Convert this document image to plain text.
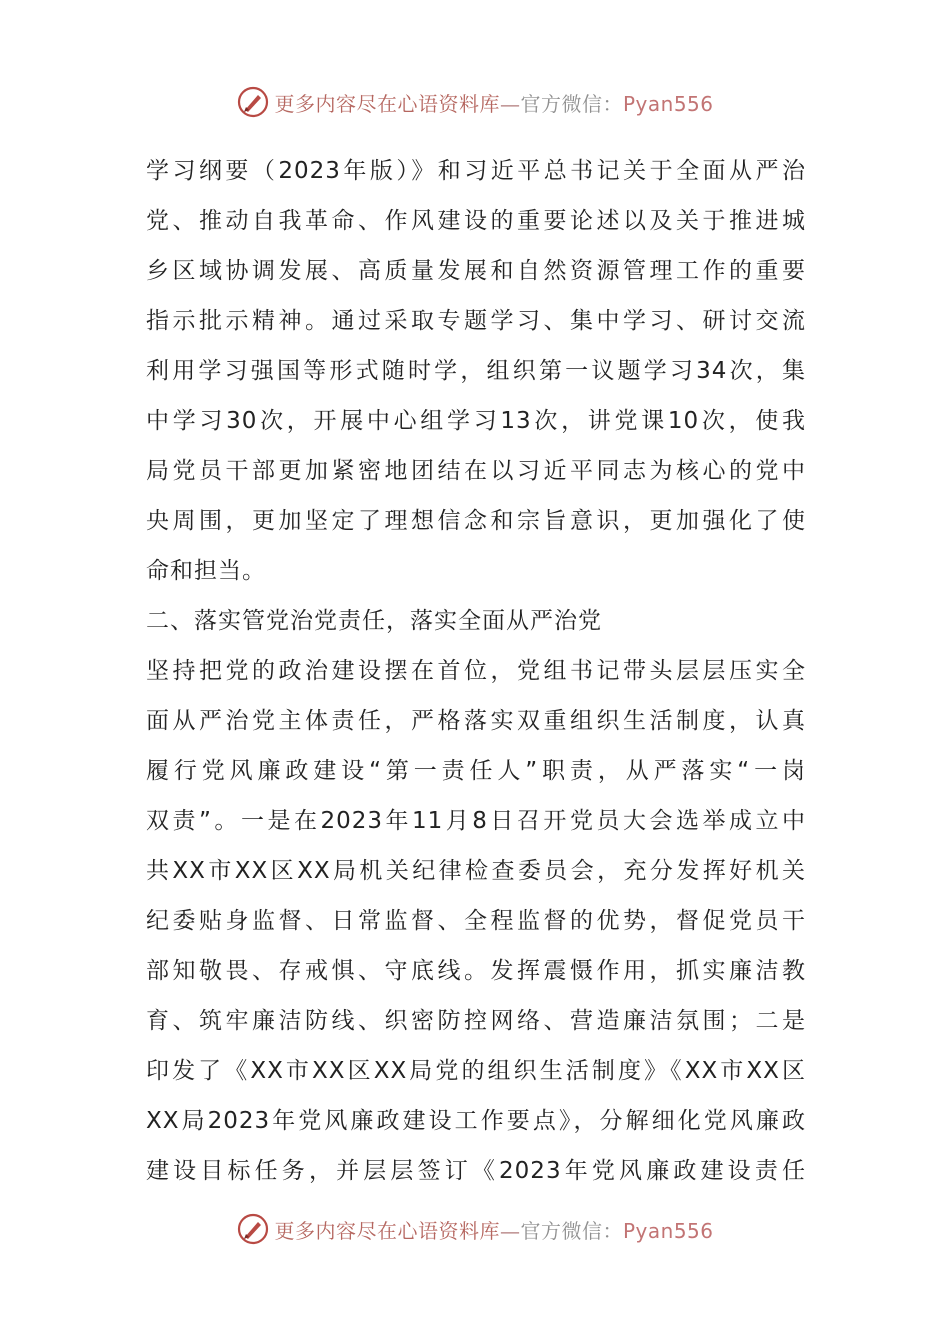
更多内容尽在心语资料库—官方微信：Pyan556
学习纲要（2023年版）》和习近平总书记关于全面从严治
党、推动自我革命、作风建设的重要论述以及关于推进城
乡区域协调发展、高质量发展和自然资源管理工作的重要
指示批示精神。通过采取专题学习、集中学习、研讨交流
利用学习强国等形式随时学，组织第一议题学习34次，集
中学习30次，开展中心组学习13次，讲党课10次，使我
局党员干部更加紧密地团结在以习近平同志为核心的党中
央周围，更加坚定了理想信念和宗旨意识，更加强化了使
命和担当。
二、落实管党治党责任，落实全面从严治党
坚持把党的政治建设摆在首位，党组书记带头层层压实全
面从严治党主体责任，严格落实双重组织生活制度，认真
履行党风廉政建设“第一责任人”职责，从严落实“一岗
双责”。一是在2023年11月8日召开党员大会选举成立中
共XX市XX区XX局机关纪律检查委员会，充分发挥好机关
纪委贴身监督、日常监督、全程监督的优势，督促党员干
部知敬畏、存戒惧、守底线。发挥震慑作用，抓实廉洁教
育、筑牢廉洁防线、织密防控网络、营造廉洁氛围；二是
印发了《XX市XX区XX局党的组织生活制度》《XX市XX区
XX局2023年党风廉政建设工作要点》，分解细化党风廉政
建设目标任务，并层层签订《2023年党风廉政建设责任
更多内容尽在心语资料库—官方微信：Pyan556
